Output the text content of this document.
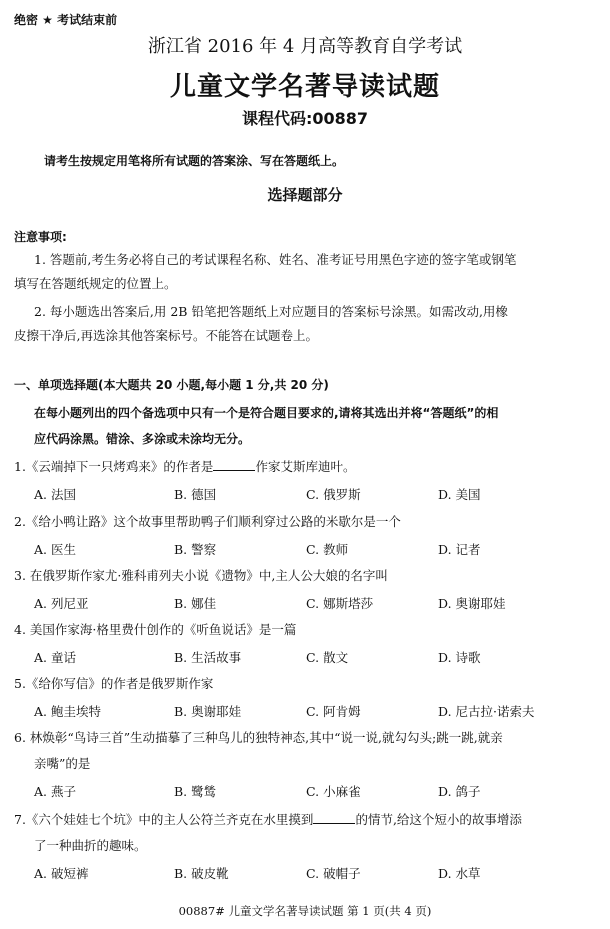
绝密 ★ 考试结束前
浙江省 2016 年 4 月高等教育自学考试
儿童文学名著导读试题
课程代码:00887
请考生按规定用笔将所有试题的答案涂、写在答题纸上。
选择题部分
注意事项:
1. 答题前,考生务必将自己的考试课程名称、姓名、准考证号用黑色字迹的签字笔或钢笔
填写在答题纸规定的位置上。
2. 每小题选出答案后,用 2B 铅笔把答题纸上对应题目的答案标号涂黑。如需改动,用橡
皮擦干净后,再选涂其他答案标号。不能答在试题卷上。
一、单项选择题(本大题共 20 小题,每小题 1 分,共 20 分)
在每小题列出的四个备选项中只有一个是符合题目要求的,请将其选出并将“答题纸”的相
应代码涂黑。错涂、多涂或未涂均无分。
1.《云端掉下一只烤鸡来》的作者是	作家艾斯库迪叶。
A. 法国	B. 德国	C. 俄罗斯	D. 美国
2.《给小鸭让路》这个故事里帮助鸭子们顺利穿过公路的米歇尔是一个
A. 医生	B. 警察	C. 教师	D. 记者
3. 在俄罗斯作家尤·雅科甫列夫小说《遗物》中,主人公大娘的名字叫
A. 列尼亚	B. 娜佳	C. 娜斯塔莎	D. 奥谢耶娃
4. 美国作家海·格里费什创作的《听鱼说话》是一篇
A. 童话	B. 生活故事	C. 散文	D. 诗歌
5.《给你写信》的作者是俄罗斯作家
A. 鲍圭埃特	B. 奥谢耶娃	C. 阿肯姆	D. 尼古拉·诺索夫
6. 林焕彰“鸟诗三首”生动描摹了三种鸟儿的独特神态,其中“说一说,就勾勾头;跳一跳,就亲
亲嘴”的是
A. 燕子	B. 鹭鸶	C. 小麻雀	D. 鸽子
7.《六个娃娃七个坑》中的主人公符兰齐克在水里摸到	的情节,给这个短小的故事增添
了一种曲折的趣味。
A. 破短裤	B. 破皮靴	C. 破帽子	D. 水草
00887# 儿童文学名著导读试题 第 1 页(共 4 页)
